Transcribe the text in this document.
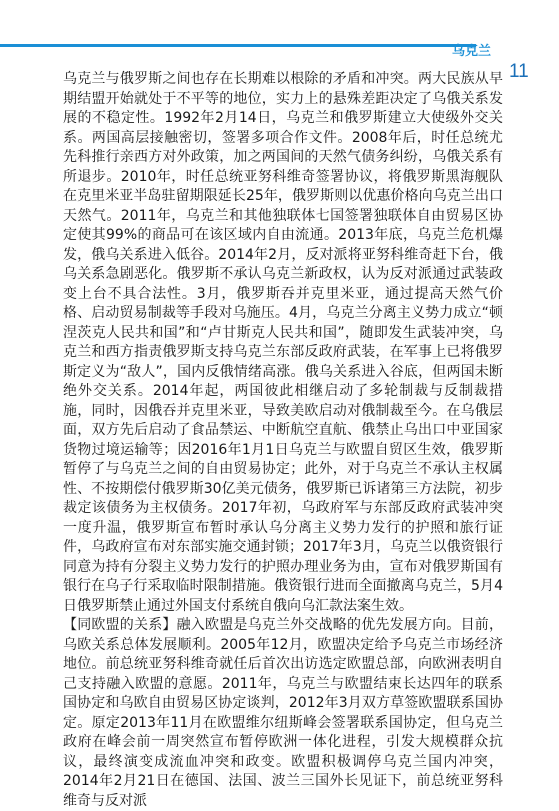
乌克兰
11

乌克兰与俄罗斯之间也存在长期难以根除的矛盾和冲突。两大民族从早期结盟开始就处于不平等的地位，实力上的悬殊差距决定了乌俄关系发展的不稳定性。1992年2月14日，乌克兰和俄罗斯建立大使级外交关系。两国高层接触密切，签署多项合作文件。2008年后，时任总统尤先科推行亲西方对外政策，加之两国间的天然气债务纠纷，乌俄关系有所退步。2010年，时任总统亚努科维奇签署协议，将俄罗斯黑海舰队在克里米亚半岛驻留期限延长25年，俄罗斯则以优惠价格向乌克兰出口天然气。2011年，乌克兰和其他独联体七国签署独联体自由贸易区协定使其99%的商品可在该区域内自由流通。2013年底，乌克兰危机爆发，俄乌关系进入低谷。2014年2月，反对派将亚努科维奇赶下台，俄乌关系急剧恶化。俄罗斯不承认乌克兰新政权，认为反对派通过武装政变上台不具合法性。3月，俄罗斯吞并克里米亚，通过提高天然气价格、启动贸易制裁等手段对乌施压。4月，乌克兰分离主义势力成立“顿涅茨克人民共和国”和“卢甘斯克人民共和国”，随即发生武装冲突，乌克兰和西方指责俄罗斯支持乌克兰东部反政府武装，在军事上已将俄罗斯定义为“敌人”，国内反俄情绪高涨。俄乌关系进入谷底，但两国未断绝外交关系。2014年起，两国彼此相继启动了多轮制裁与反制裁措施，同时，因俄吞并克里米亚，导致美欧启动对俄制裁至今。在乌俄层面，双方先后启动了食品禁运、中断航空直航、俄禁止乌出口中亚国家货物过境运输等；因2016年1月1日乌克兰与欧盟自贸区生效，俄罗斯暂停了与乌克兰之间的自由贸易协定；此外，对于乌克兰不承认主权属性、不按期偿付俄罗斯30亿美元债务，俄罗斯已诉诸第三方法院，初步裁定该债务为主权债务。2017年初，乌政府军与东部反政府武装冲突一度升温，俄罗斯宣布暂时承认乌分离主义势力发行的护照和旅行证件，乌政府宣布对东部实施交通封锁；2017年3月，乌克兰以俄资银行同意为持有分裂主义势力发行的护照办理业务为由，宣布对俄罗斯国有银行在乌子行采取临时限制措施。俄资银行进而全面撤离乌克兰，5月4日俄罗斯禁止通过外国支付系统自俄向乌汇款法案生效。

【同欧盟的关系】融入欧盟是乌克兰外交战略的优先发展方向。目前，乌欧关系总体发展顺利。2005年12月，欧盟决定给予乌克兰市场经济地位。前总统亚努科维奇就任后首次出访选定欧盟总部，向欧洲表明自己支持融入欧盟的意愿。2011年，乌克兰与欧盟结束长达四年的联系国协定和乌欧自由贸易区协定谈判，2012年3月双方草签欧盟联系国协定。原定2013年11月在欧盟维尔纽斯峰会签署联系国协定，但乌克兰政府在峰会前一周突然宣布暂停欧洲一体化进程，引发大规模群众抗议，最终演变成流血冲突和政变。欧盟积极调停乌克兰国内冲突，2014年2月21日在德国、法国、波兰三国外长见证下，前总统亚努科维奇与反对派
